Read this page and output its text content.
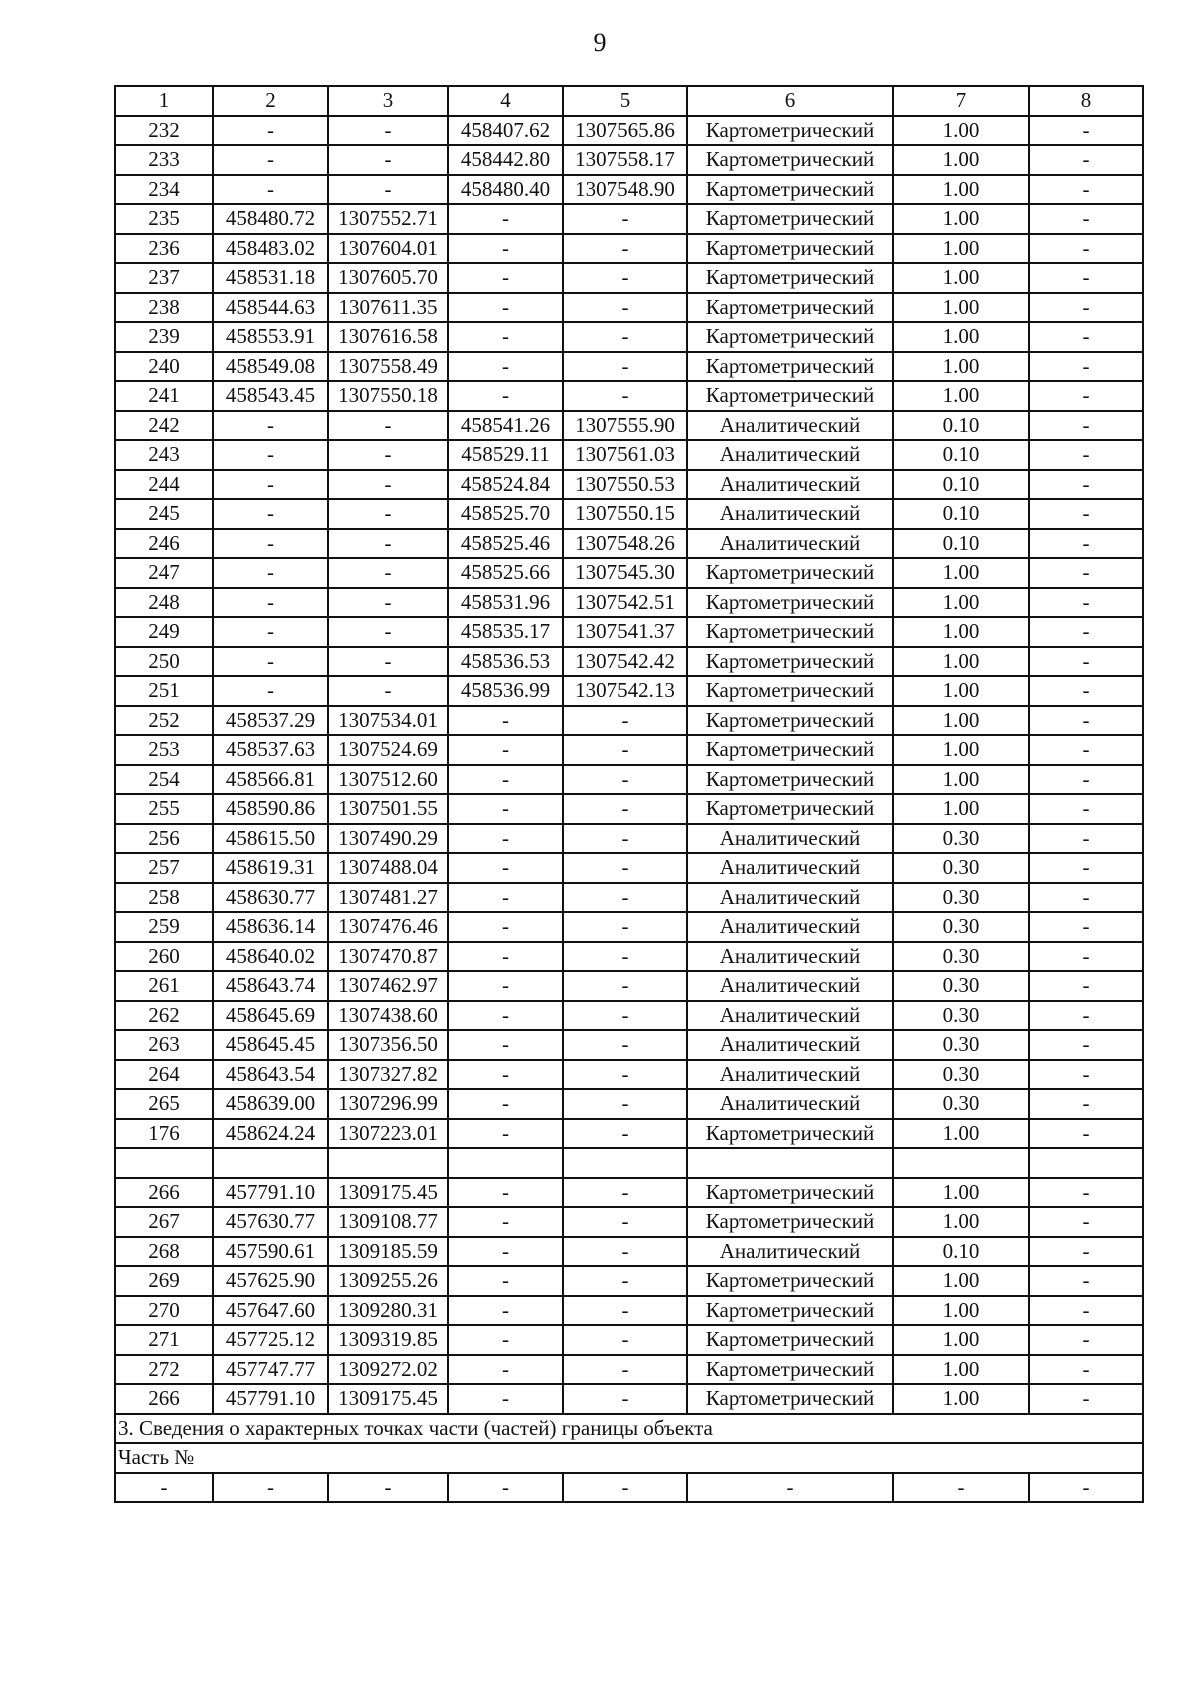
9
1	2	3	4	5	6	7	8
232	-	-	458407.62	1307565.86	Картометрический	1.00	-
233	-	-	458442.80	1307558.17	Картометрический	1.00	-
234	-	-	458480.40	1307548.90	Картометрический	1.00	-
235	458480.72	1307552.71	-	-	Картометрический	1.00	-
236	458483.02	1307604.01	-	-	Картометрический	1.00	-
237	458531.18	1307605.70	-	-	Картометрический	1.00	-
238	458544.63	1307611.35	-	-	Картометрический	1.00	-
239	458553.91	1307616.58	-	-	Картометрический	1.00	-
240	458549.08	1307558.49	-	-	Картометрический	1.00	-
241	458543.45	1307550.18	-	-	Картометрический	1.00	-
242	-	-	458541.26	1307555.90	Аналитический	0.10	-
243	-	-	458529.11	1307561.03	Аналитический	0.10	-
244	-	-	458524.84	1307550.53	Аналитический	0.10	-
245	-	-	458525.70	1307550.15	Аналитический	0.10	-
246	-	-	458525.46	1307548.26	Аналитический	0.10	-
247	-	-	458525.66	1307545.30	Картометрический	1.00	-
248	-	-	458531.96	1307542.51	Картометрический	1.00	-
249	-	-	458535.17	1307541.37	Картометрический	1.00	-
250	-	-	458536.53	1307542.42	Картометрический	1.00	-
251	-	-	458536.99	1307542.13	Картометрический	1.00	-
252	458537.29	1307534.01	-	-	Картометрический	1.00	-
253	458537.63	1307524.69	-	-	Картометрический	1.00	-
254	458566.81	1307512.60	-	-	Картометрический	1.00	-
255	458590.86	1307501.55	-	-	Картометрический	1.00	-
256	458615.50	1307490.29	-	-	Аналитический	0.30	-
257	458619.31	1307488.04	-	-	Аналитический	0.30	-
258	458630.77	1307481.27	-	-	Аналитический	0.30	-
259	458636.14	1307476.46	-	-	Аналитический	0.30	-
260	458640.02	1307470.87	-	-	Аналитический	0.30	-
261	458643.74	1307462.97	-	-	Аналитический	0.30	-
262	458645.69	1307438.60	-	-	Аналитический	0.30	-
263	458645.45	1307356.50	-	-	Аналитический	0.30	-
264	458643.54	1307327.82	-	-	Аналитический	0.30	-
265	458639.00	1307296.99	-	-	Аналитический	0.30	-
176	458624.24	1307223.01	-	-	Картометрический	1.00	-

266	457791.10	1309175.45	-	-	Картометрический	1.00	-
267	457630.77	1309108.77	-	-	Картометрический	1.00	-
268	457590.61	1309185.59	-	-	Аналитический	0.10	-
269	457625.90	1309255.26	-	-	Картометрический	1.00	-
270	457647.60	1309280.31	-	-	Картометрический	1.00	-
271	457725.12	1309319.85	-	-	Картометрический	1.00	-
272	457747.77	1309272.02	-	-	Картометрический	1.00	-
266	457791.10	1309175.45	-	-	Картометрический	1.00	-
3. Сведения о характерных точках части (частей) границы объекта							
Часть №							
-	-	-	-	-	-	-	-
